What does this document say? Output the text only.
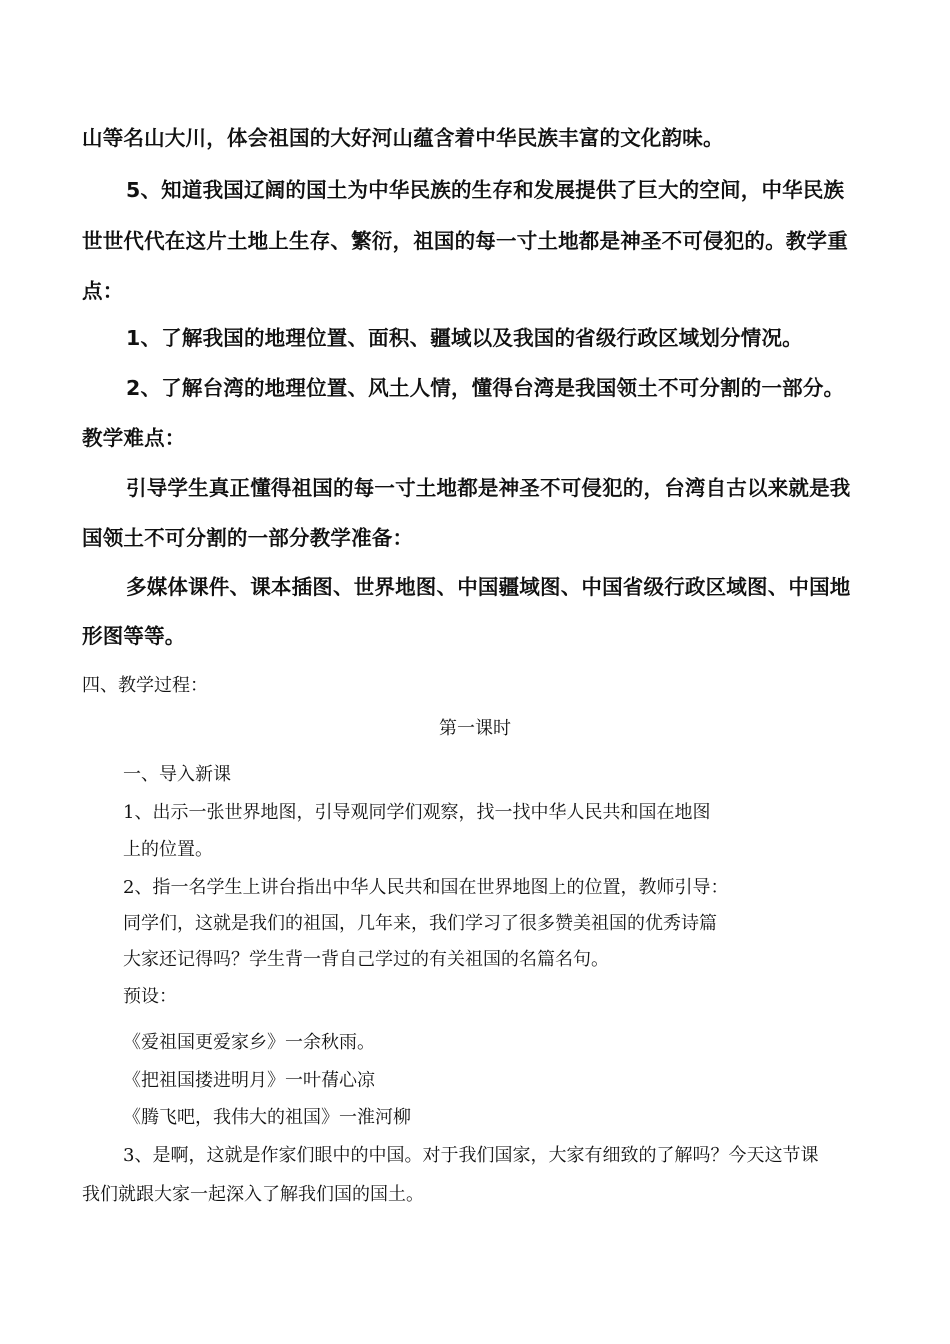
山等名山大川，体会祖国的大好河山蕴含着中华民族丰富的文化韵味。
5、知道我国辽阔的国土为中华民族的生存和发展提供了巨大的空间，中华民族
世世代代在这片土地上生存、繁衍，祖国的每一寸土地都是神圣不可侵犯的。教学重
点：
1、了解我国的地理位置、面积、疆域以及我国的省级行政区域划分情况。
2、了解台湾的地理位置、风土人情，懂得台湾是我国领土不可分割的一部分。
教学难点：
引导学生真正懂得祖国的每一寸土地都是神圣不可侵犯的，台湾自古以来就是我
国领土不可分割的一部分教学准备：
多媒体课件、课本插图、世界地图、中国疆域图、中国省级行政区域图、中国地
形图等等。
四、教学过程：
第一课时
一、导入新课
1、出示一张世界地图，引导观同学们观察，找一找中华人民共和国在地图
上的位置。
2、指一名学生上讲台指出中华人民共和国在世界地图上的位置，教师引导：
同学们，这就是我们的祖国，几年来，我们学习了很多赞美祖国的优秀诗篇
大家还记得吗？学生背一背自己学过的有关祖国的名篇名句。
预设：
《爱祖国更爱家乡》一余秋雨。
《把祖国搂进明月》一叶蒨心凉
《腾飞吧，我伟大的祖国》一淮河柳
3、是啊，这就是作家们眼中的中国。对于我们国家，大家有细致的了解吗？今天这节课
我们就跟大家一起深入了解我们国的国土。
